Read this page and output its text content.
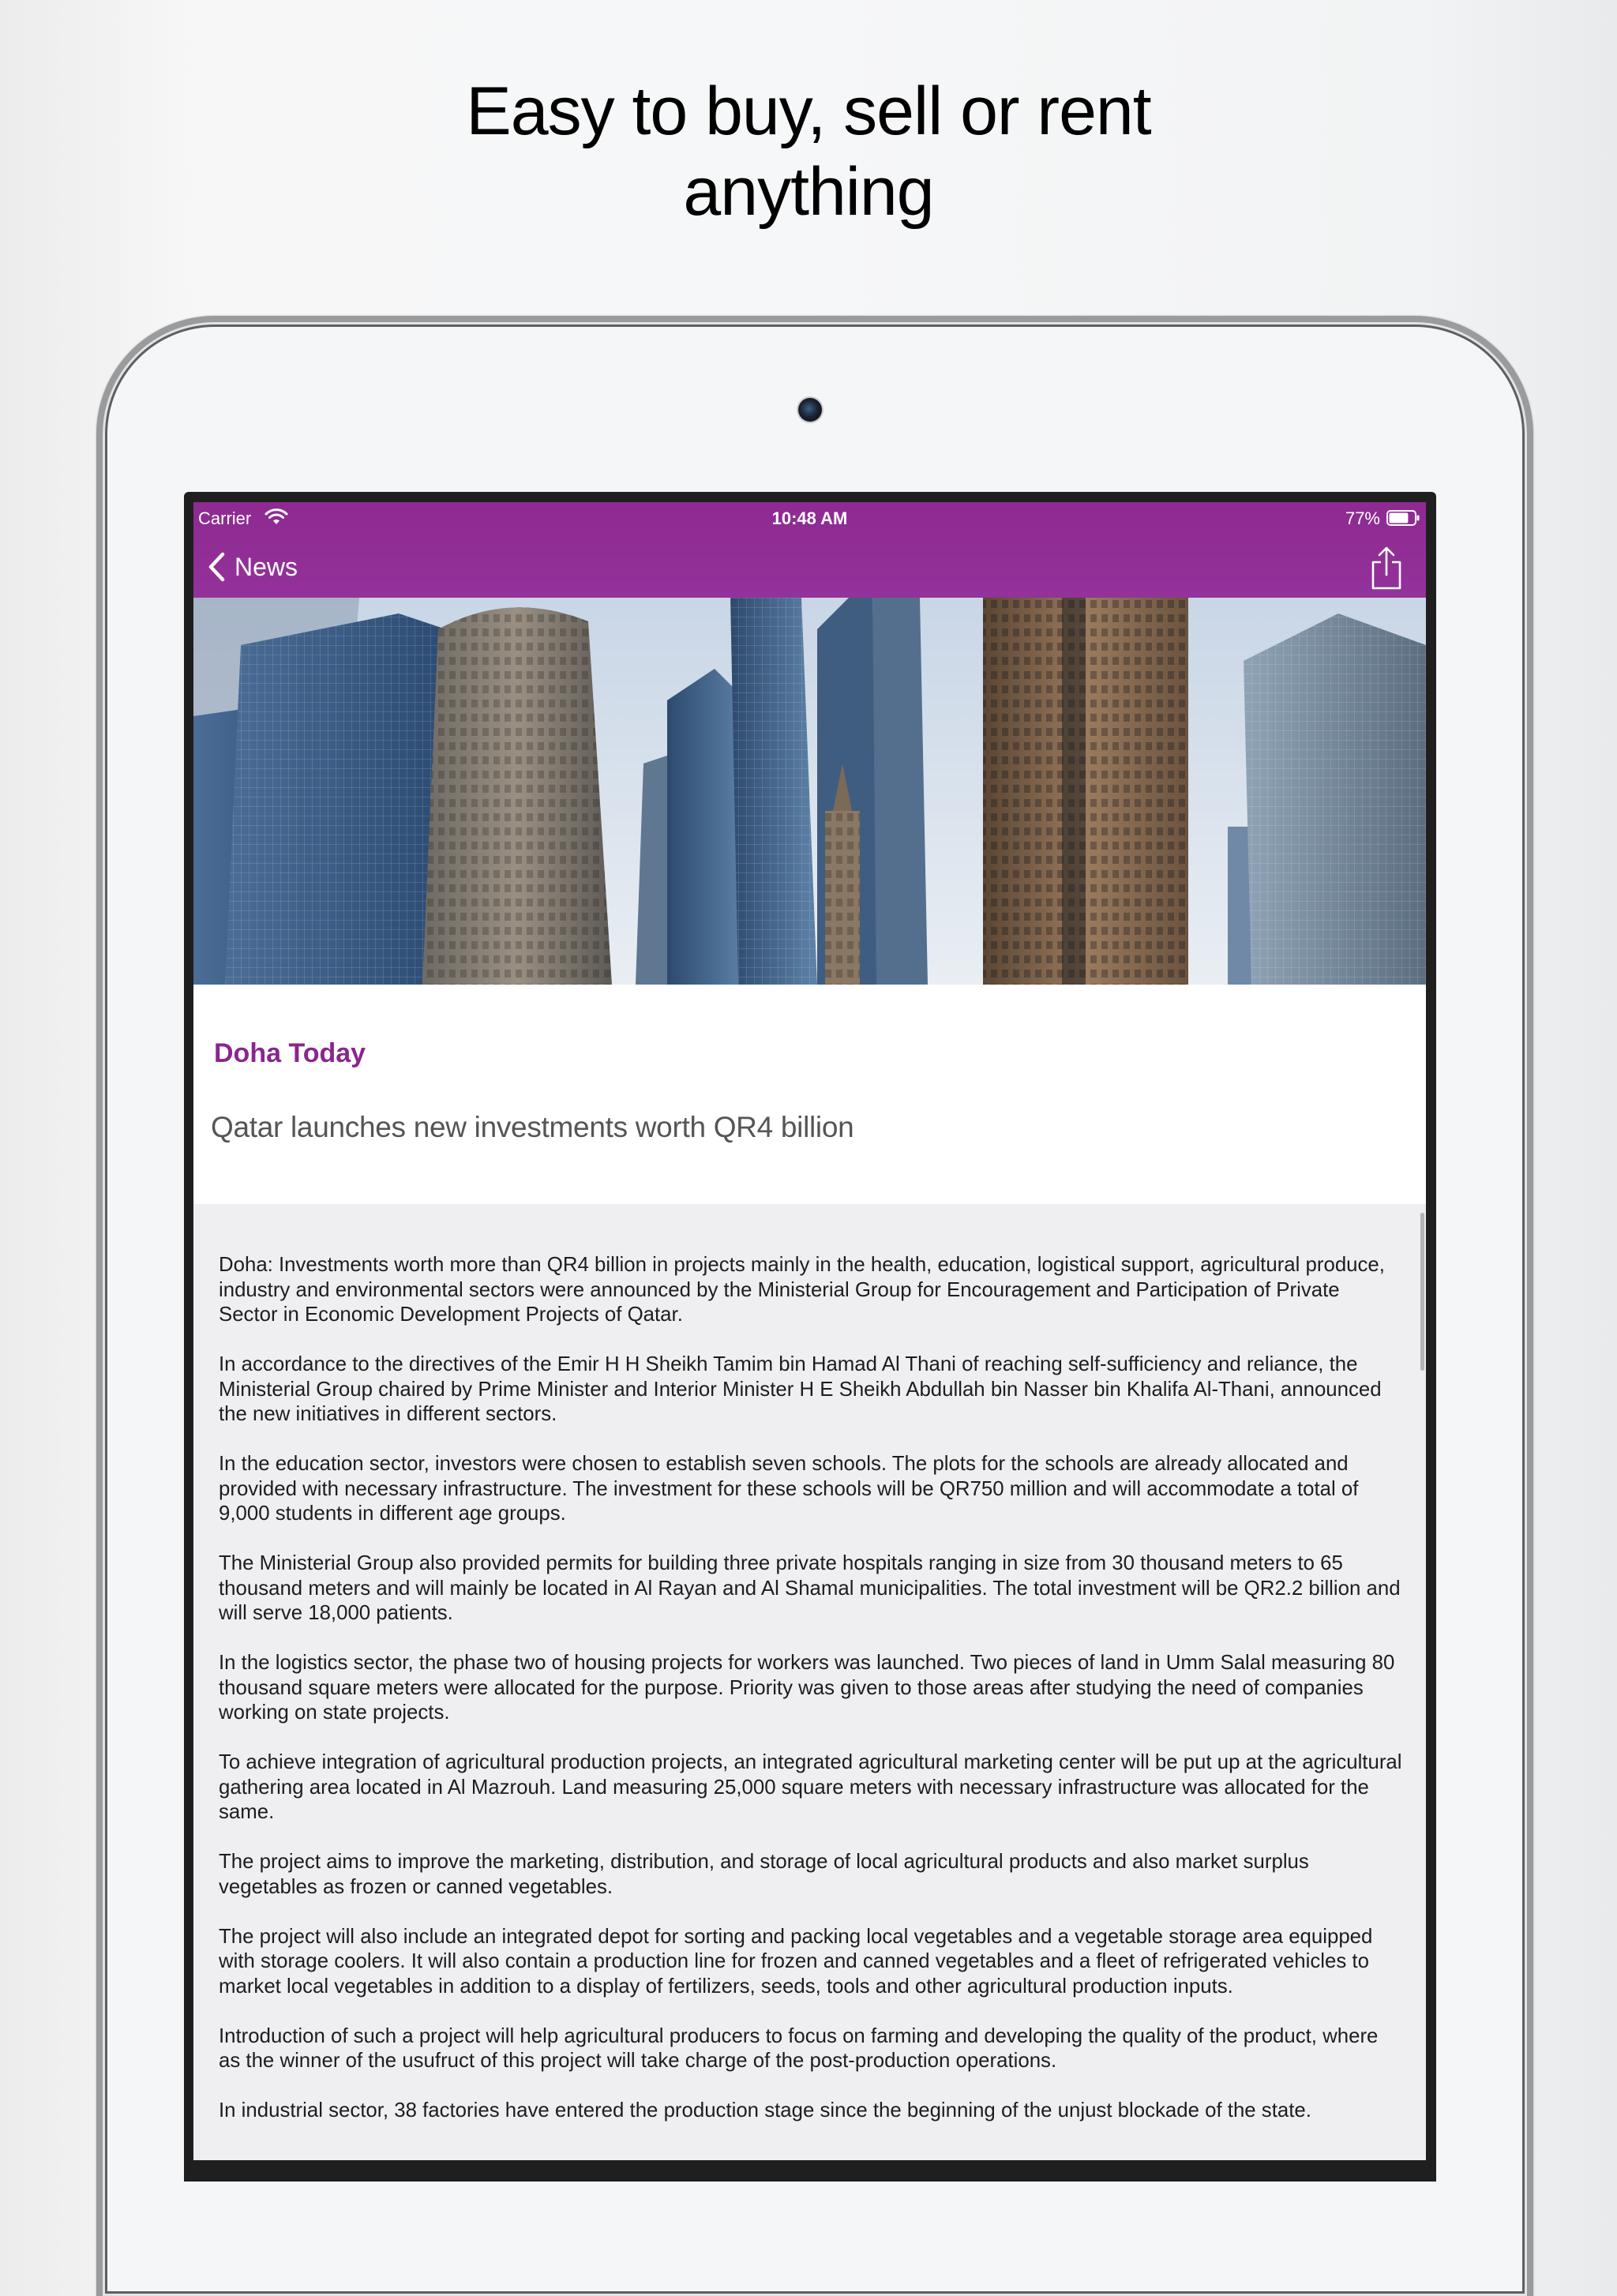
Easy to buy, sell or rent
anything
Carrier	10:48 AM	77%
News
Doha Today
Qatar launches new investments worth QR4 billion

Doha: Investments worth more than QR4 billion in projects mainly in the health, education, logistical support, agricultural produce, industry and environmental sectors were announced by the Ministerial Group for Encouragement and Participation of Private Sector in Economic Development Projects of Qatar.

In accordance to the directives of the Emir H H Sheikh Tamim bin Hamad Al Thani of reaching self-sufficiency and reliance, the Ministerial Group chaired by Prime Minister and Interior Minister H E Sheikh Abdullah bin Nasser bin Khalifa Al-Thani, announced the new initiatives in different sectors.

In the education sector, investors were chosen to establish seven schools. The plots for the schools are already allocated and provided with necessary infrastructure. The investment for these schools will be QR750 million and will accommodate a total of 9,000 students in different age groups.

The Ministerial Group also provided permits for building three private hospitals ranging in size from 30 thousand meters to 65 thousand meters and will mainly be located in Al Rayan and Al Shamal municipalities. The total investment will be QR2.2 billion and will serve 18,000 patients.

In the logistics sector, the phase two of housing projects for workers was launched. Two pieces of land in Umm Salal measuring 80 thousand square meters were allocated for the purpose. Priority was given to those areas after studying the need of companies working on state projects.

To achieve integration of agricultural production projects, an integrated agricultural marketing center will be put up at the agricultural gathering area located in Al Mazrouh. Land measuring 25,000 square meters with necessary infrastructure was allocated for the same.

The project aims to improve the marketing, distribution, and storage of local agricultural products and also market surplus vegetables as frozen or canned vegetables.

The project will also include an integrated depot for sorting and packing local vegetables and a vegetable storage area equipped with storage coolers. It will also contain a production line for frozen and canned vegetables and a fleet of refrigerated vehicles to market local vegetables in addition to a display of fertilizers, seeds, tools and other agricultural production inputs.

Introduction of such a project will help agricultural producers to focus on farming and developing the quality of the product, where as the winner of the usufruct of this project will take charge of the post-production operations.

In industrial sector, 38 factories have entered the production stage since the beginning of the unjust blockade of the state.
